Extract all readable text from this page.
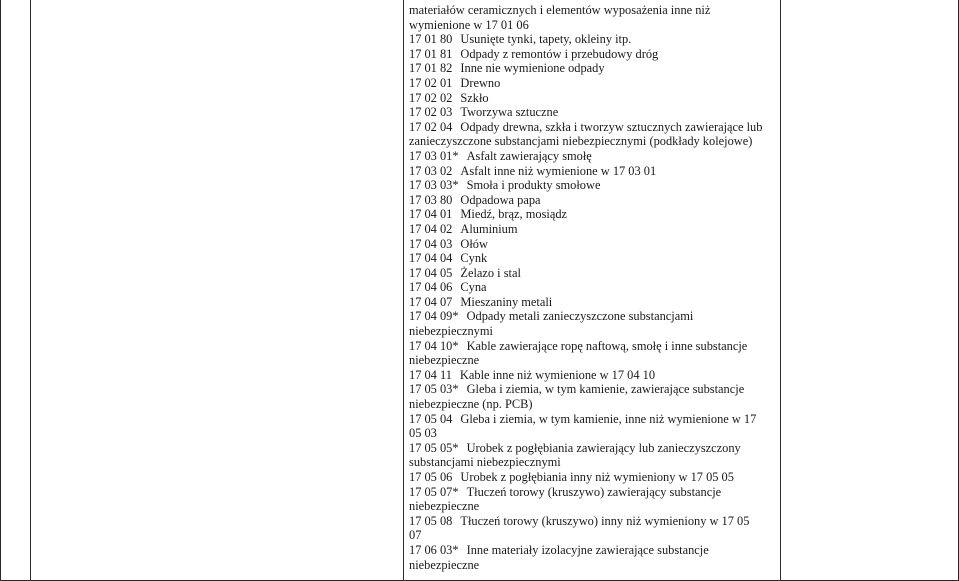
materiałów ceramicznych i elementów wyposażenia inne niż
wymienione w 17 01 06
17 01 80 Usunięte tynki, tapety, okleiny itp.
17 01 81 Odpady z remontów i przebudowy dróg
17 01 82 Inne nie wymienione odpady
17 02 01 Drewno
17 02 02 Szkło
17 02 03 Tworzywa sztuczne
17 02 04 Odpady drewna, szkła i tworzyw sztucznych zawierające lub
zanieczyszczone substancjami niebezpiecznymi (podkłady kolejowe)
17 03 01* Asfalt zawierający smołę
17 03 02 Asfalt inne niż wymienione w 17 03 01
17 03 03* Smoła i produkty smołowe
17 03 80 Odpadowa papa
17 04 01 Miedź, brąz, mosiądz
17 04 02 Aluminium
17 04 03 Ołów
17 04 04 Cynk
17 04 05 Żelazo i stal
17 04 06 Cyna
17 04 07 Mieszaniny metali
17 04 09* Odpady metali zanieczyszczone substancjami
niebezpiecznymi
17 04 10* Kable zawierające ropę naftową, smołę i inne substancje
niebezpieczne
17 04 11 Kable inne niż wymienione w 17 04 10
17 05 03* Gleba i ziemia, w tym kamienie, zawierające substancje
niebezpieczne (np. PCB)
17 05 04 Gleba i ziemia, w tym kamienie, inne niż wymienione w 17
05 03
17 05 05* Urobek z pogłębiania zawierający lub zanieczyszczony
substancjami niebezpiecznymi
17 05 06 Urobek z pogłębiania inny niż wymieniony w 17 05 05
17 05 07* Tłuczeń torowy (kruszywo) zawierający substancje
niebezpieczne
17 05 08 Tłuczeń torowy (kruszywo) inny niż wymieniony w 17 05
07
17 06 03* Inne materiały izolacyjne zawierające substancje
niebezpieczne
